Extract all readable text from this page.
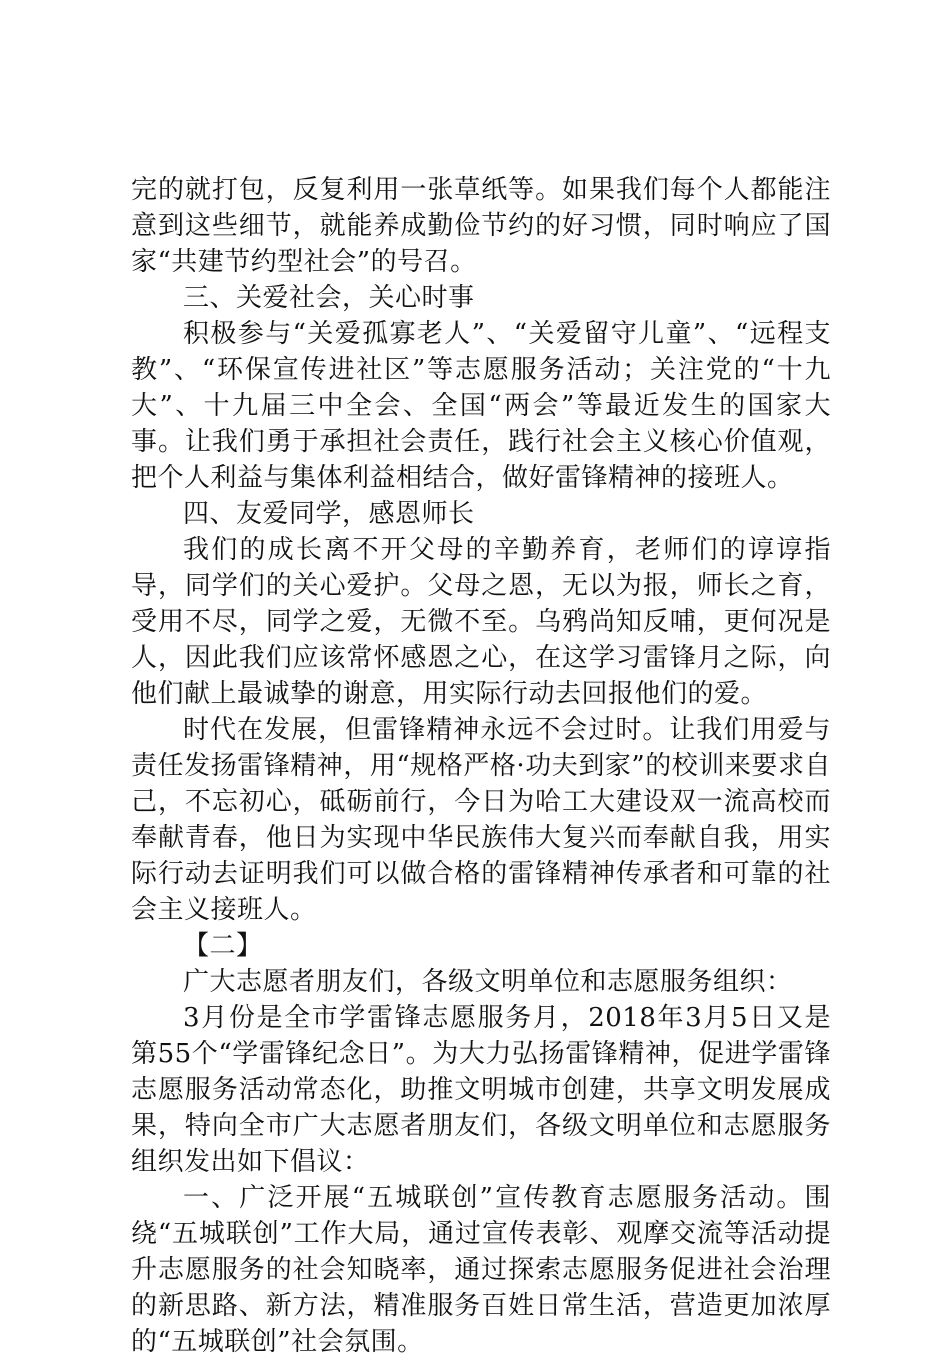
完的就打包，反复利用一张草纸等。如果我们每个人都能注意到这些细节，就能养成勤俭节约的好习惯，同时响应了国家“共建节约型社会”的号召。

三、关爱社会，关心时事

积极参与“关爱孤寡老人”、“关爱留守儿童”、“远程支教”、“环保宣传进社区”等志愿服务活动；关注党的“十九大”、十九届三中全会、全国“两会”等最近发生的国家大事。让我们勇于承担社会责任，践行社会主义核心价值观，把个人利益与集体利益相结合，做好雷锋精神的接班人。

四、友爱同学，感恩师长

我们的成长离不开父母的辛勤养育，老师们的谆谆指导，同学们的关心爱护。父母之恩，无以为报，师长之育，受用不尽，同学之爱，无微不至。乌鸦尚知反哺，更何况是人，因此我们应该常怀感恩之心，在这学习雷锋月之际，向他们献上最诚挚的谢意，用实际行动去回报他们的爱。

时代在发展，但雷锋精神永远不会过时。让我们用爱与责任发扬雷锋精神，用“规格严格·功夫到家”的校训来要求自己，不忘初心，砥砺前行，今日为哈工大建设双一流高校而奉献青春，他日为实现中华民族伟大复兴而奉献自我，用实际行动去证明我们可以做合格的雷锋精神传承者和可靠的社会主义接班人。

【二】

广大志愿者朋友们，各级文明单位和志愿服务组织：

3月份是全市学雷锋志愿服务月，2018年3月5日又是第55个“学雷锋纪念日”。为大力弘扬雷锋精神，促进学雷锋志愿服务活动常态化，助推文明城市创建，共享文明发展成果，特向全市广大志愿者朋友们，各级文明单位和志愿服务组织发出如下倡议：

一、广泛开展“五城联创”宣传教育志愿服务活动。围绕“五城联创”工作大局，通过宣传表彰、观摩交流等活动提升志愿服务的社会知晓率，通过探索志愿服务促进社会治理的新思路、新方法，精准服务百姓日常生活，营造更加浓厚的“五城联创”社会氛围。
